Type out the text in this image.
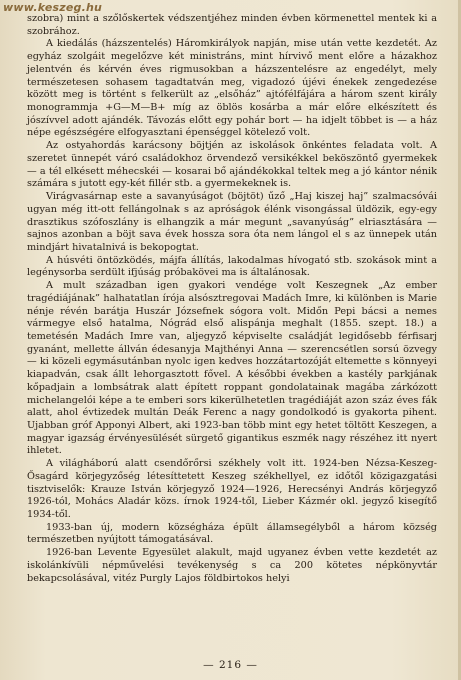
www.keszeg.hu

szobra) mint a szőlőskertek védszentjéhez minden évben körmenettel mentek ki a szobrához.

A kiedálás (házszentelés) Háromkirályok napján, mise után vette kezdetét. Az egyház szolgáit megelőzve két ministráns, mint hírvivő ment előre a házakhoz jelentvén és kérvén éves rigmusokban a házszentelésre az engedélyt, mely természetesen sohasem tagadtatván meg, vigadozó újévi énekek zengedezése között meg is történt s felkerült az „elsőház” ajtófélfájára a három szent király monogrammja +G—M—B+ míg az öblös kosárba a már előre elkészített és jószívvel adott ajándék. Távozás előtt egy pohár bort — ha idjelt többet is — a ház népe egészségére elfogyasztani épenséggel kötelező volt.

Az ostyahordás karácsony böjtjén az iskolások önkéntes feladata volt. A szeretet ünnepét váró családokhoz örvendező versikékkel beköszöntő gyermekek — a tél elkésett méhecskéi — kosarai bő ajándékokkal teltek meg a jó kántor nénik számára s jutott egy-két fillér stb. a gyermekeknek is.

Virágvasárnap este a savanyúságot (böjtöt) űző „Haj kiszej haj” szalmacsóvái ugyan még itt-ott fellángolnak s az apróságok élénk visongással üldözik, egy-egy drasztikus szófoszlány is elhangzik a már megunt „savanyúság” elriasztására — sajnos azonban a böjt sava évek hossza sora óta nem lángol el s az ünnepek után mindjárt hivatalnivá is bekopogtat.

A húsvéti öntözködés, májfa állítás, lakodalmas hívogató stb. szokások mint a legénysorba serdült ifjúság próbakövei ma is általánosak.

A mult században igen gyakori vendége volt Keszegnek „Az ember tragédiájának” halhatatlan írója alsósztregovai Madách Imre, ki különben is Marie nénje révén barátja Huszár Józsefnek sógora volt. Midőn Pepi bácsi a nemes vármegye első hatalma, Nógrád első alispánja meghalt (1855. szept. 18.) a temetésén Madách Imre van, aljegyző képviselte családját legidősebb férfisarj gyanánt, mellette állván édesanyja Majthényi Anna — szerencsétlen sorsú özvegy — ki közeli egymásutánban nyolc igen kedves hozzátartozóját eltemette s könnyeyi kiapadván, csak állt lehorgasztott fővel. A későbbi években a kastély parkjának kőpadjain a lombsátrak alatt épített roppant gondolatainak magába zárkózott michelangelói képe a te emberi sors kikerülhetetlen tragédiáját azon száz éves fák alatt, ahol évtizedek multán Deák Ferenc a nagy gondolkodó is gyakorta pihent. Ujabban gróf Apponyi Albert, aki 1923-ban több mint egy hetet töltött Keszegen, a magyar igazság érvényesülését sürgető gigantikus eszmék nagy részéhez itt nyert ihletet.

A világháború alatt csendőrőrsi székhely volt itt. 1924-ben Nézsa-Keszeg-Ősagárd körjegyzőség létesíttetett Keszeg székhellyel, ez időtől közigazgatási tisztviselők: Krauze István körjegyző 1924—1926, Herecsényi András körjegyző 1926-tól, Mohács Aladár közs. írnok 1924-től, Lieber Kázmér okl. jegyző kisegítő 1934-től.

1933-ban új, modern községháza épült államsegélyből a három község természetben nyújtott támogatásával.

1926-ban Levente Egyesület alakult, majd ugyanez évben vette kezdetét az iskolánkívüli népművelési tevékenység s ca 200 kötetes népkönyvtár bekapcsolásával, vitéz Purgly Lajos földbirtokos helyi

— 216 —
